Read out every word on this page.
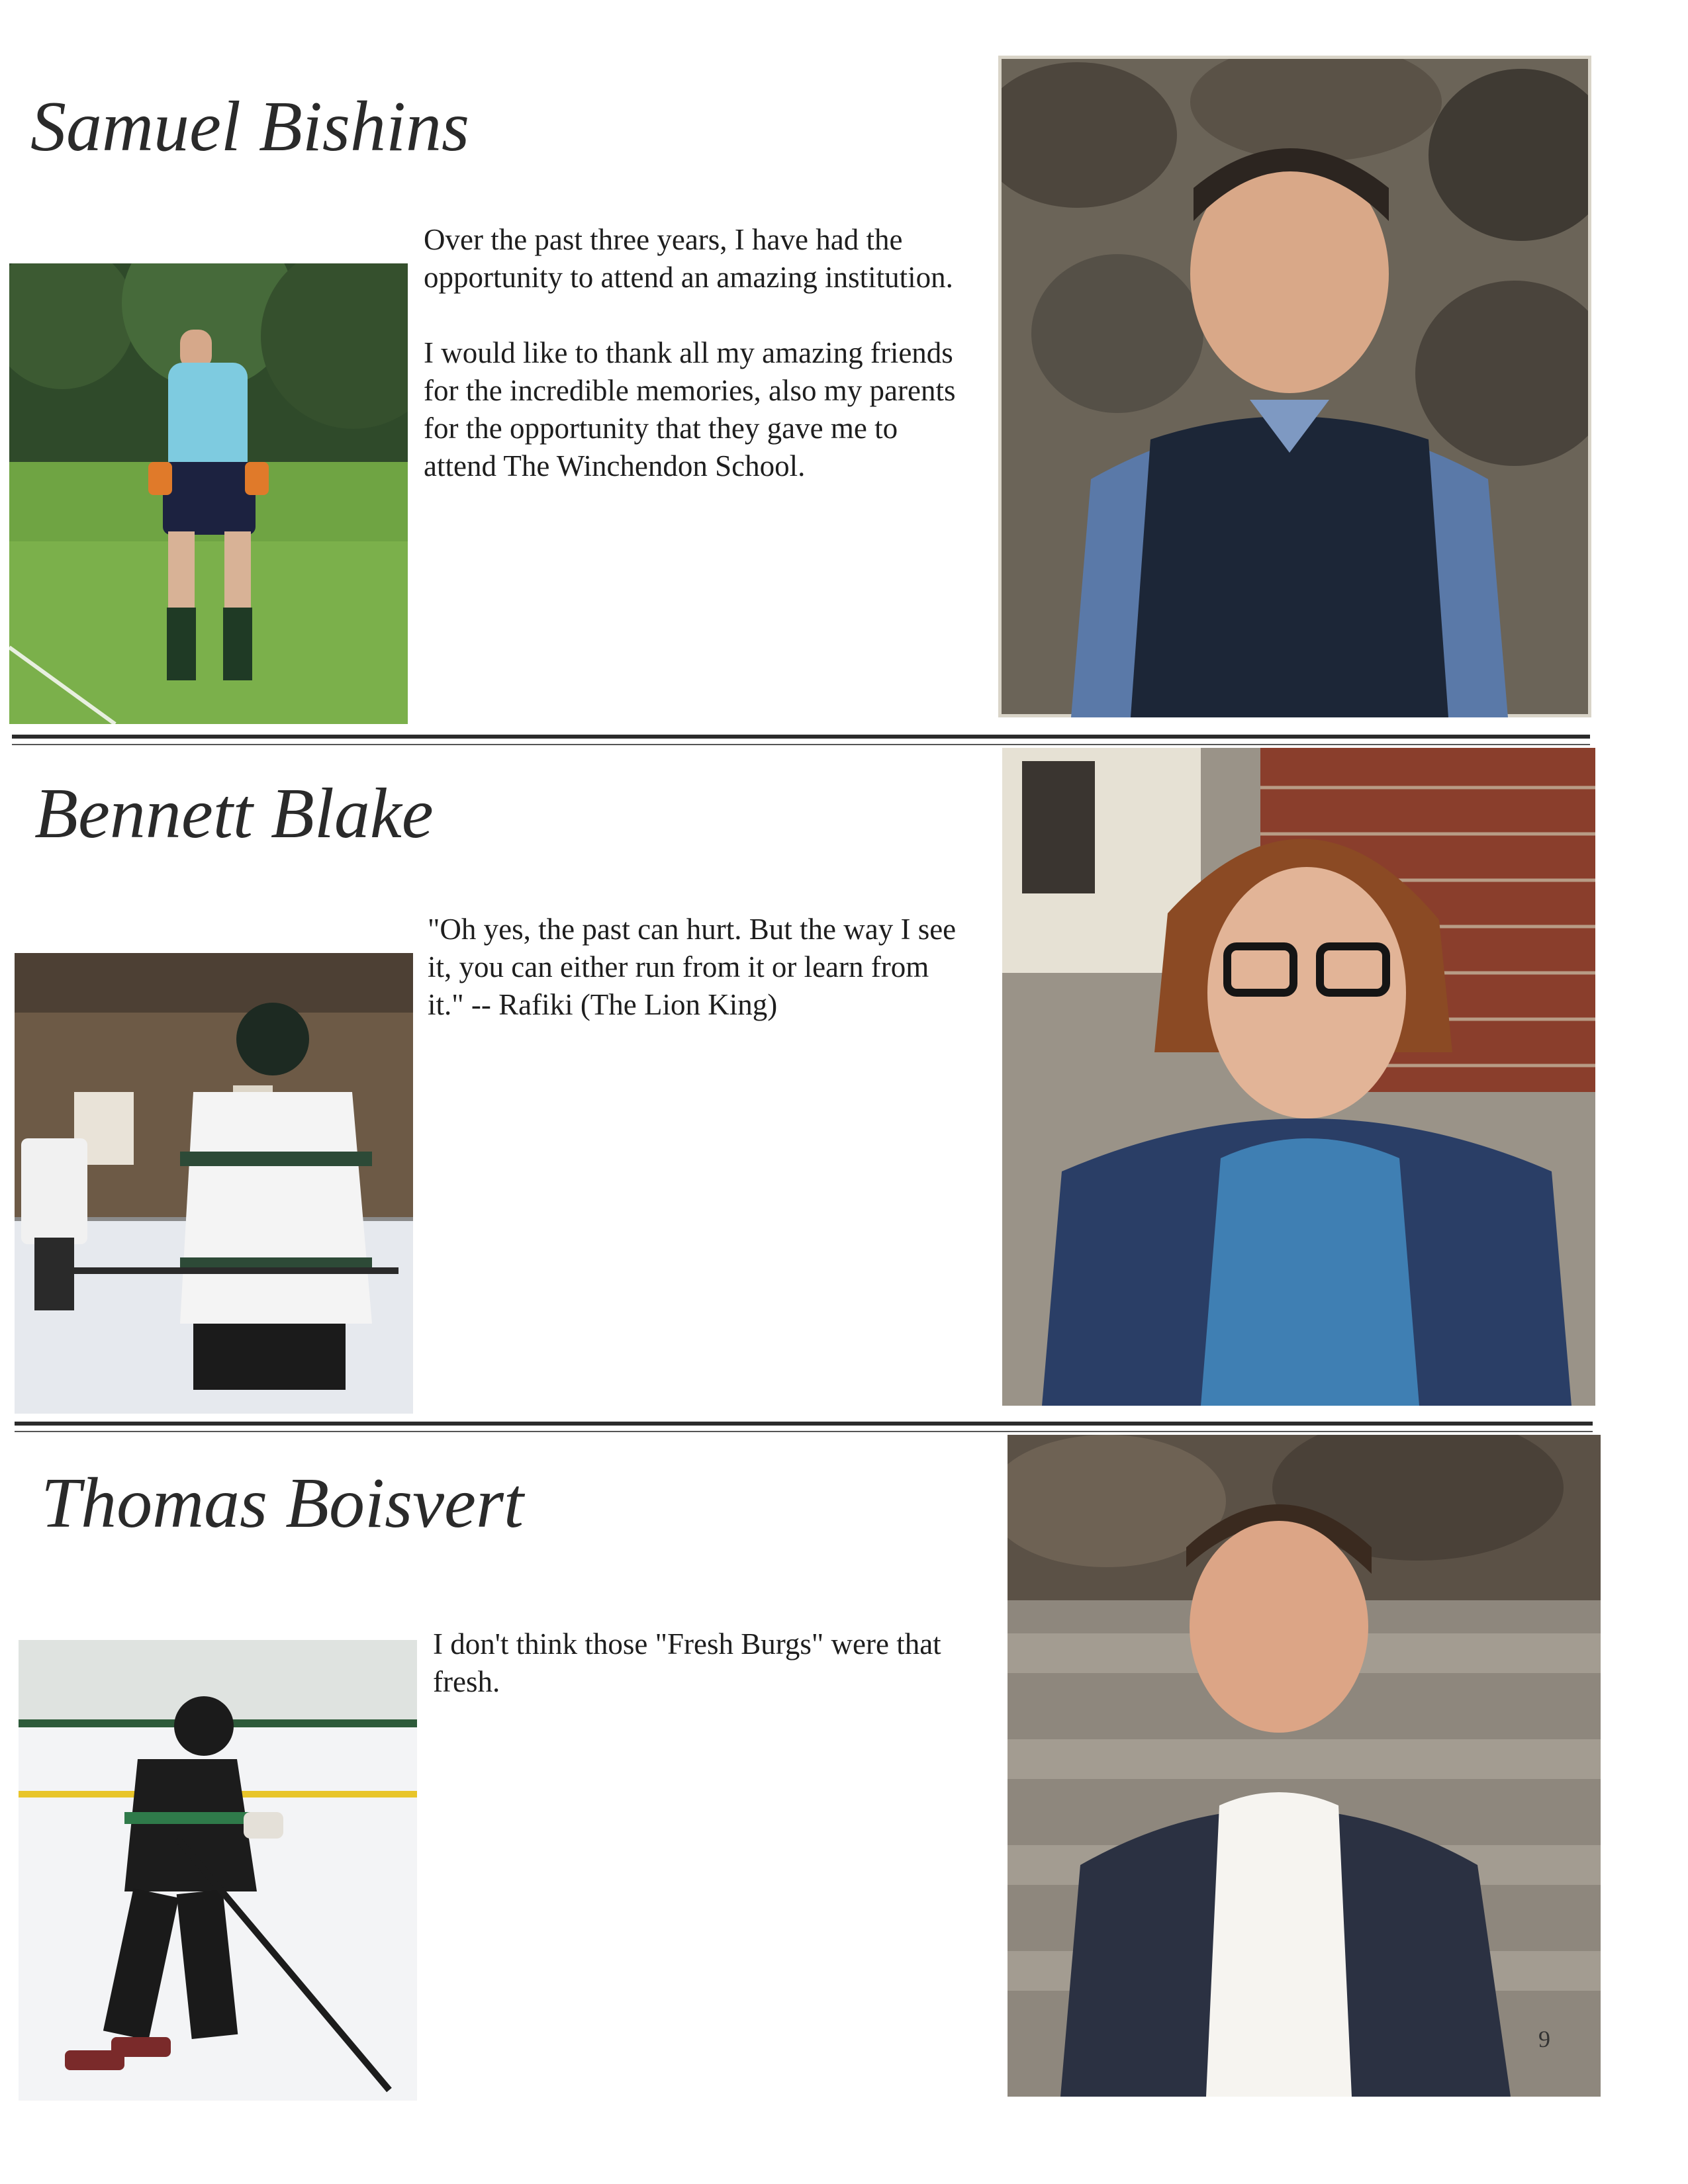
Samuel Bishins

Over the past three years, I have had the opportunity to attend an amazing institution.

I would like to thank all my amazing friends for the incredible memories, also my parents for the opportunity that they gave me to attend The Winchendon School.

Bennett Blake

"Oh yes, the past can hurt. But the way I see it, you can either run from it or learn from it." -- Rafiki (The Lion King)

Thomas Boisvert

I don't think those "Fresh Burgs" were that fresh.

9
